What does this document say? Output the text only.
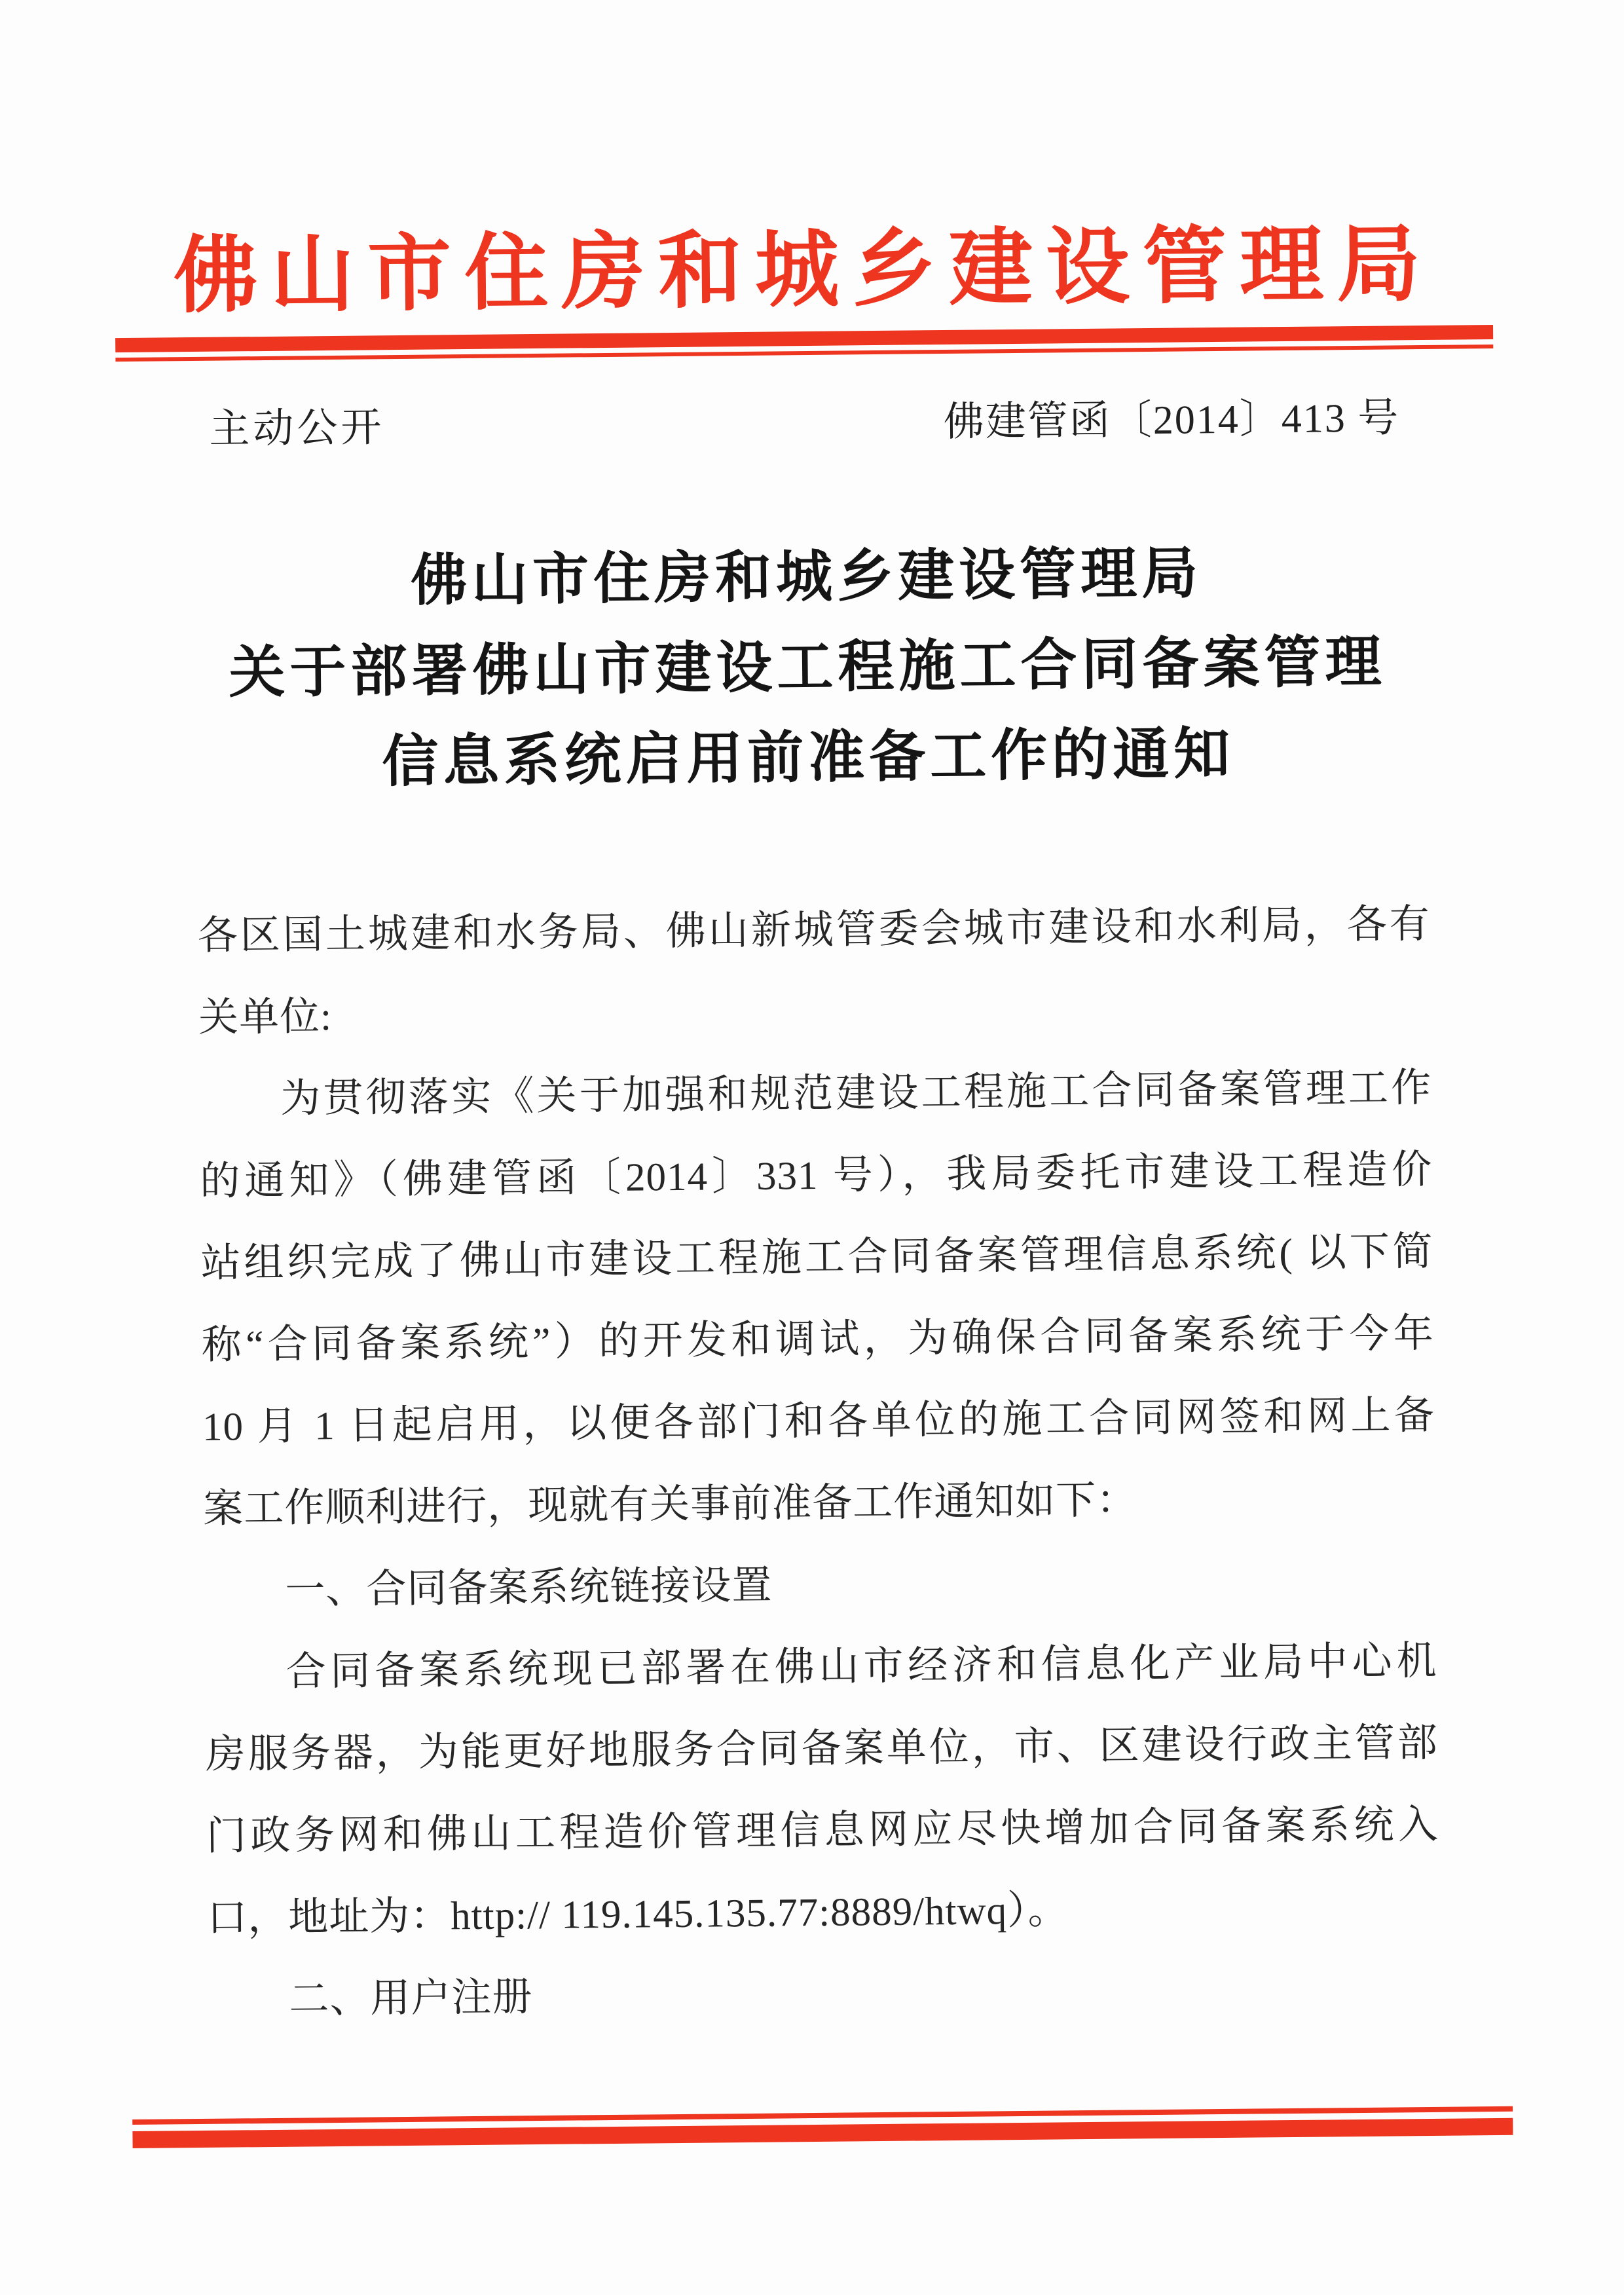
佛山市住房和城乡建设管理局
主动公开	佛建管函〔2014〕413 号
佛山市住房和城乡建设管理局
关于部署佛山市建设工程施工合同备案管理
信息系统启用前准备工作的通知
各区国土城建和水务局、佛山新城管委会城市建设和水利局，各有
关单位:
为贯彻落实《关于加强和规范建设工程施工合同备案管理工作
的通知》（佛建管函〔2014〕331 号），我局委托市建设工程造价
站组织完成了佛山市建设工程施工合同备案管理信息系统( 以下简
称“合同备案系统”）的开发和调试，为确保合同备案系统于今年
10 月 1 日起启用，以便各部门和各单位的施工合同网签和网上备
案工作顺利进行，现就有关事前准备工作通知如下：
一、合同备案系统链接设置
合同备案系统现已部署在佛山市经济和信息化产业局中心机
房服务器，为能更好地服务合同备案单位，市、区建设行政主管部
门政务网和佛山工程造价管理信息网应尽快增加合同备案系统入
口，地址为：http:// 119.145.135.77:8889/htwq）。
二、用户注册
